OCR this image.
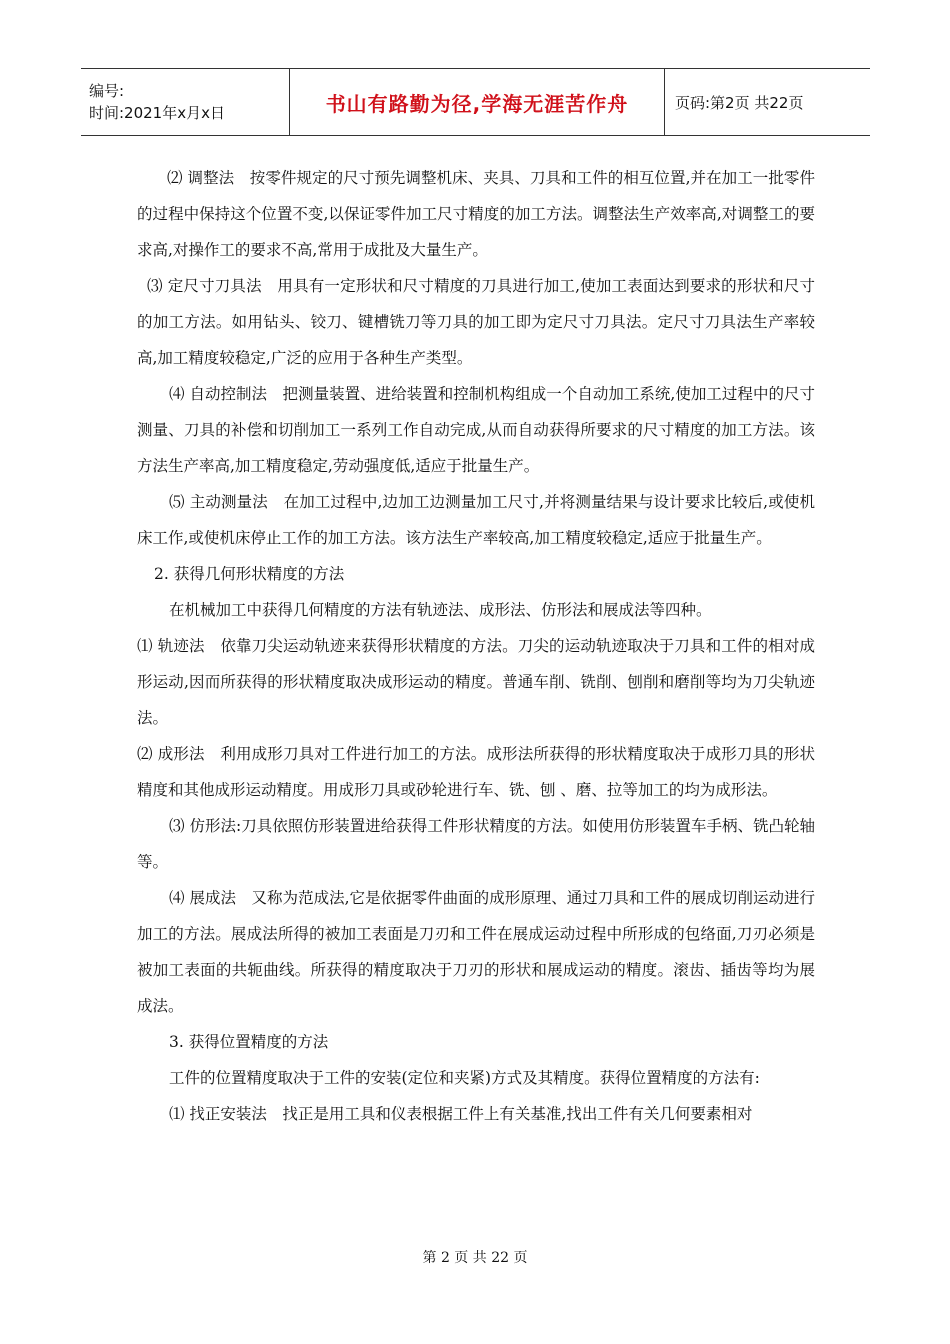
编号:
时间:2021年x月x日	书山有路勤为径,学海无涯苦作舟	页码:第2页 共22页

⑵ 调整法　按零件规定的尺寸预先调整机床、夹具、刀具和工件的相互位置,并在加工一批零件的过程中保持这个位置不变,以保证零件加工尺寸精度的加工方法。调整法生产效率高,对调整工的要求高,对操作工的要求不高,常用于成批及大量生产。

⑶ 定尺寸刀具法　用具有一定形状和尺寸精度的刀具进行加工,使加工表面达到要求的形状和尺寸的加工方法。如用钻头、铰刀、键槽铣刀等刀具的加工即为定尺寸刀具法。定尺寸刀具法生产率较高,加工精度较稳定,广泛的应用于各种生产类型。

⑷ 自动控制法　把测量装置、进给装置和控制机构组成一个自动加工系统,使加工过程中的尺寸测量、刀具的补偿和切削加工一系列工作自动完成,从而自动获得所要求的尺寸精度的加工方法。该方法生产率高,加工精度稳定,劳动强度低,适应于批量生产。

⑸ 主动测量法　在加工过程中,边加工边测量加工尺寸,并将测量结果与设计要求比较后,或使机床工作,或使机床停止工作的加工方法。该方法生产率较高,加工精度较稳定,适应于批量生产。

2. 获得几何形状精度的方法

在机械加工中获得几何精度的方法有轨迹法、成形法、仿形法和展成法等四种。

⑴ 轨迹法　依靠刀尖运动轨迹来获得形状精度的方法。刀尖的运动轨迹取决于刀具和工件的相对成形运动,因而所获得的形状精度取决成形运动的精度。普通车削、铣削、刨削和磨削等均为刀尖轨迹法。

⑵ 成形法　利用成形刀具对工件进行加工的方法。成形法所获得的形状精度取决于成形刀具的形状精度和其他成形运动精度。用成形刀具或砂轮进行车、铣、刨 、磨、拉等加工的均为成形法。

⑶ 仿形法:刀具依照仿形装置进给获得工件形状精度的方法。如使用仿形装置车手柄、铣凸轮轴等。

⑷ 展成法　又称为范成法,它是依据零件曲面的成形原理、通过刀具和工件的展成切削运动进行加工的方法。展成法所得的被加工表面是刀刃和工件在展成运动过程中所形成的包络面,刀刃必须是被加工表面的共轭曲线。所获得的精度取决于刀刃的形状和展成运动的精度。滚齿、插齿等均为展成法。

3. 获得位置精度的方法

工件的位置精度取决于工件的安装(定位和夹紧)方式及其精度。获得位置精度的方法有:

⑴ 找正安装法　找正是用工具和仪表根据工件上有关基准,找出工件有关几何要素相对

第 2 页 共 22 页
